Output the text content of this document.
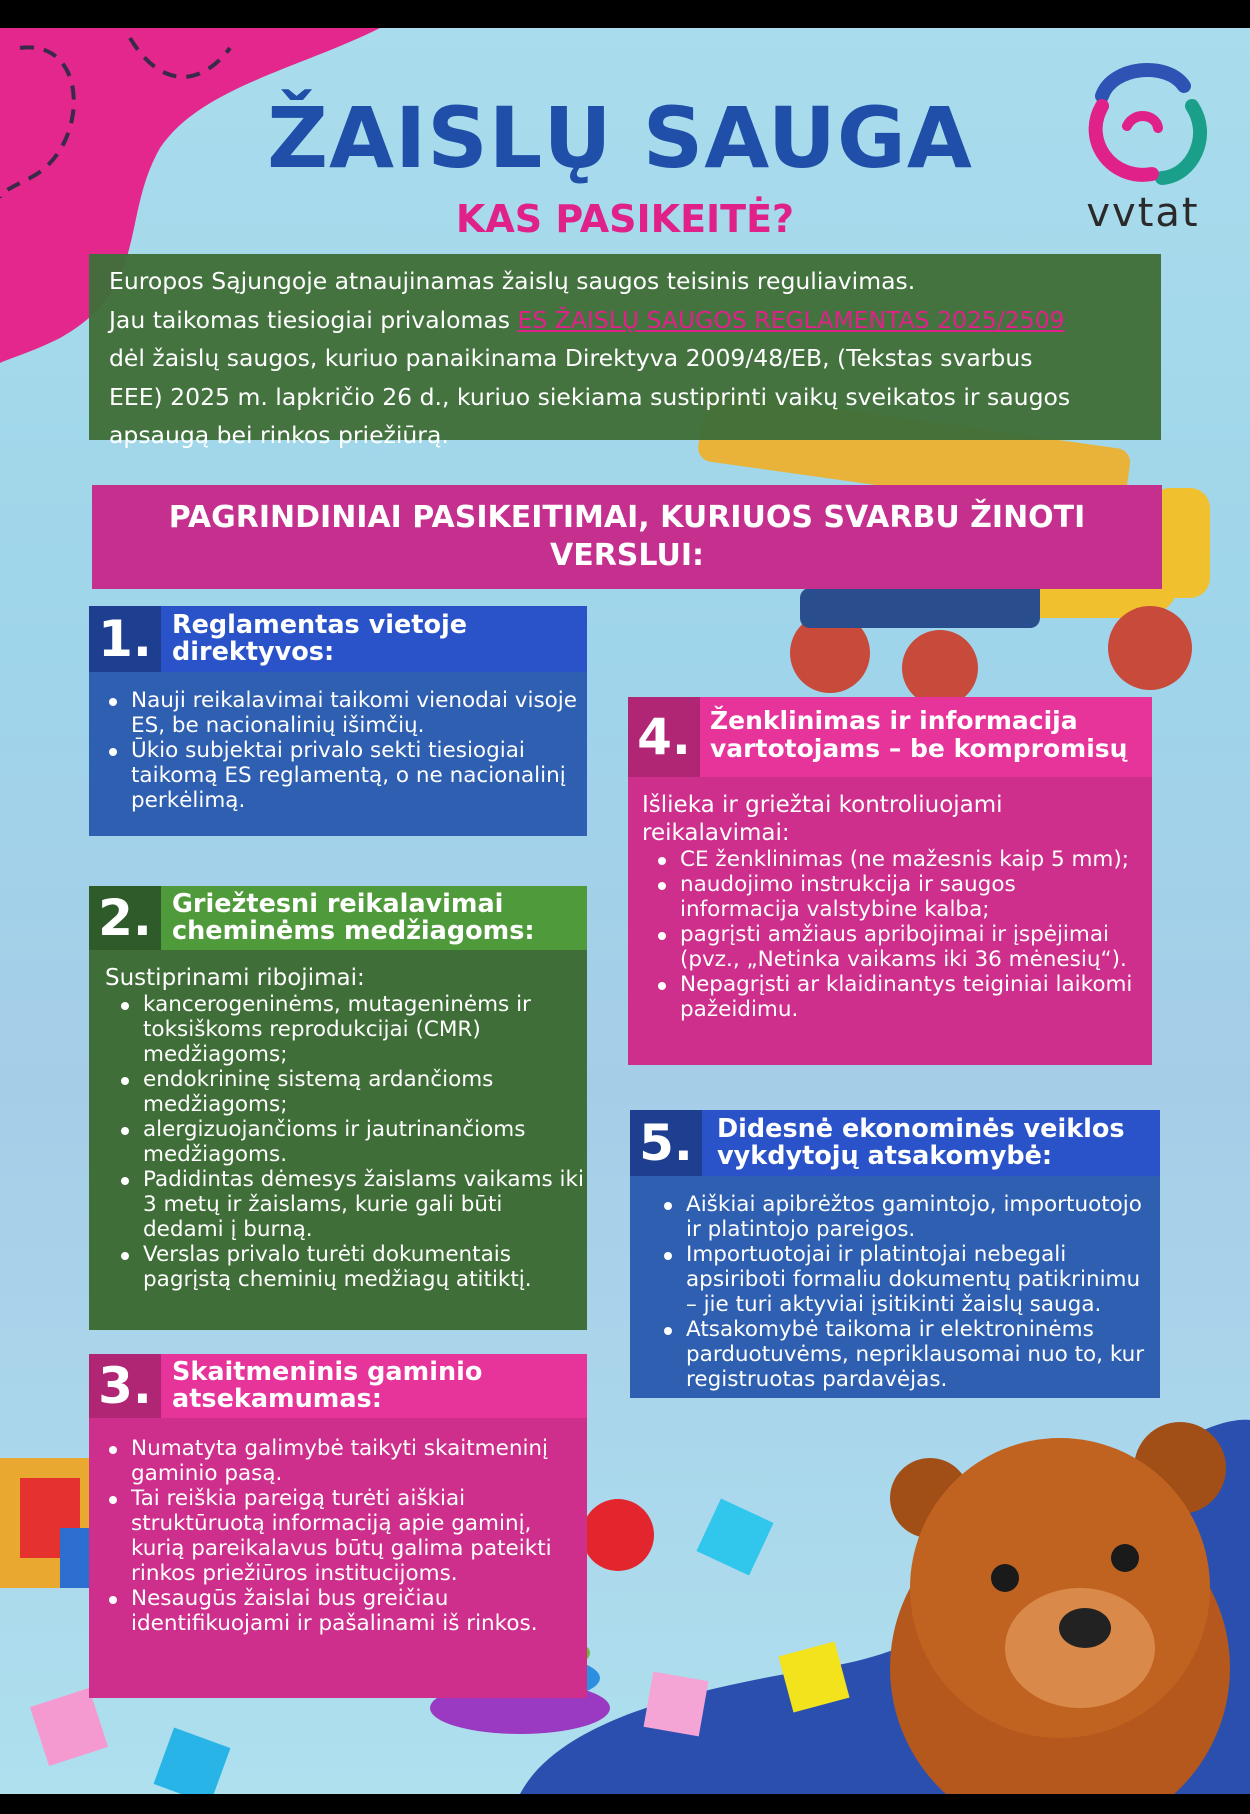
ŽAISLŲ SAUGA
KAS PASIKEITĖ?	vvtat
Europos Sąjungoje atnaujinamas žaislų saugos teisinis reguliavimas.
Jau taikomas tiesiogiai privalomas ES ŽAISLŲ SAUGOS REGLAMENTAS 2025/2509
dėl žaislų saugos, kuriuo panaikinama Direktyva 2009/48/EB, (Tekstas svarbus
EEE) 2025 m. lapkričio 26 d., kuriuo siekiama sustiprinti vaikų sveikatos ir saugos
apsaugą bei rinkos priežiūrą.
PAGRINDINIAI PASIKEITIMAI, KURIUOS SVARBU ŽINOTI
VERSLUI:
1. Reglamentas vietoje
direktyvos:
Nauji reikalavimai taikomi vienodai visoje ES, be nacionalinių išimčių.
Ūkio subjektai privalo sekti tiesiogiai taikomą ES reglamentą, o ne nacionalinį perkėlimą.
2. Griežtesni reikalavimai
cheminėms medžiagoms:

Sustiprinami ribojimai:

kancerogeninėms, mutageninėms ir toksiškoms reprodukcijai (CMR) medžiagoms;
endokrininę sistemą ardančioms medžiagoms;
alergizuojančioms ir jautrinančioms medžiagoms.
Padidintas dėmesys žaislams vaikams iki 3 metų ir žaislams, kurie gali būti dedami į burną.
Verslas privalo turėti dokumentais pagrįstą cheminių medžiagų atitiktį.
3. Skaitmeninis gaminio
atsekamumas:
Numatyta galimybė taikyti skaitmeninį gaminio pasą.
Tai reiškia pareigą turėti aiškiai struktūruotą informaciją apie gaminį, kurią pareikalavus būtų galima pateikti rinkos priežiūros institucijoms.
Nesaugūs žaislai bus greičiau identifikuojami ir pašalinami iš rinkos.
4. Ženklinimas ir informacija
vartotojams – be kompromisų

Išlieka ir griežtai kontroliuojami reikalavimai:

CE ženklinimas (ne mažesnis kaip 5 mm);
naudojimo instrukcija ir saugos informacija valstybine kalba;
pagrįsti amžiaus apribojimai ir įspėjimai (pvz., „Netinka vaikams iki 36 mėnesių“).
Nepagrįsti ar klaidinantys teiginiai laikomi pažeidimu.
5. Didesnė ekonominės veiklos
vykdytojų atsakomybė:
Aiškiai apibrėžtos gamintojo, importuotojo ir platintojo pareigos.
Importuotojai ir platintojai nebegali apsiriboti formaliu dokumentų patikrinimu – jie turi aktyviai įsitikinti žaislų sauga.
Atsakomybė taikoma ir elektroninėms parduotuvėms, nepriklausomai nuo to, kur registruotas pardavėjas.
